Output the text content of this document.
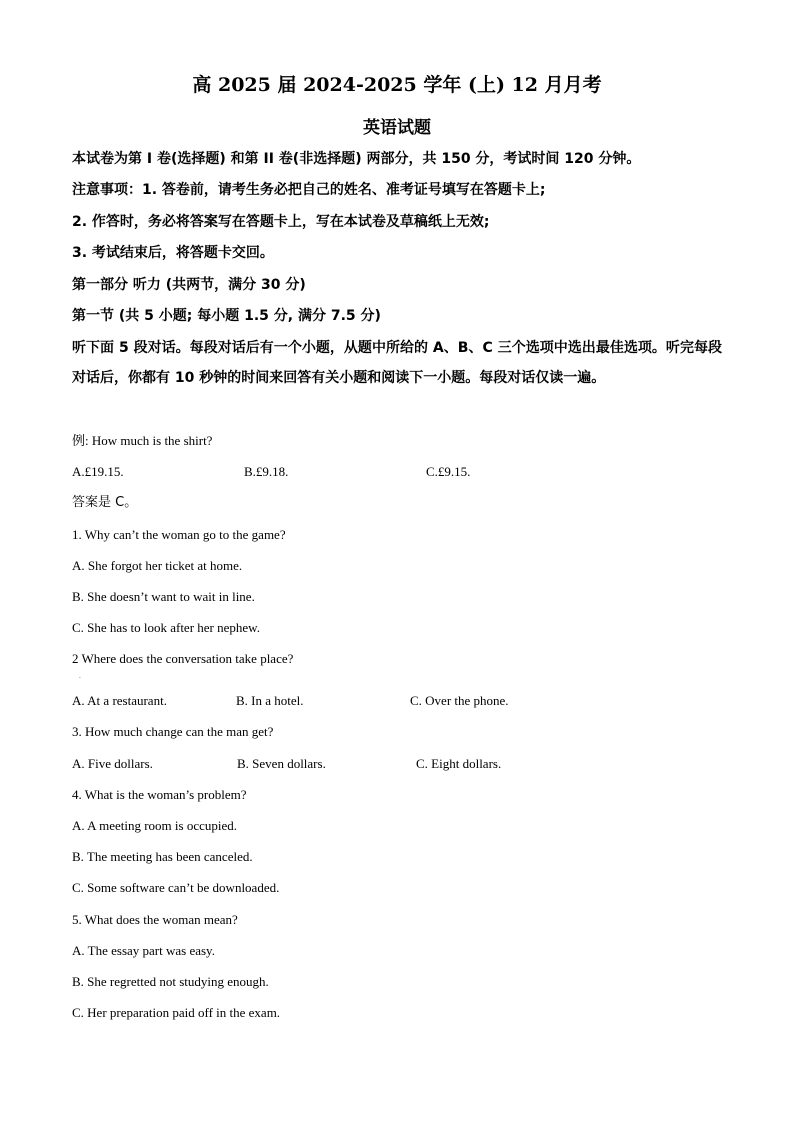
高 2025 届 2024-2025 学年 (上) 12 月月考
英语试题
本试卷为第 I 卷(选择题) 和第 II 卷(非选择题) 两部分，共 150 分，考试时间 120 分钟。
注意事项：1. 答卷前，请考生务必把自己的姓名、准考证号填写在答题卡上;
2. 作答时，务必将答案写在答题卡上，写在本试卷及草稿纸上无效;
3. 考试结束后，将答题卡交回。
第一部分 听力 (共两节，满分 30 分)
第一节 (共 5 小题; 每小题 1.5 分, 满分 7.5 分)
听下面 5 段对话。每段对话后有一个小题，从题中所给的 A、B、C 三个选项中选出最佳选项。听完每段对话后，你都有 10 秒钟的时间来回答有关小题和阅读下一小题。每段对话仅读一遍。
例: How much is the shirt?
A.£19.15.	B.£9.18.	C.£9.15.
答案是 C。
1. Why can’t the woman go to the game?
A. She forgot her ticket at home.
B. She doesn’t want to wait in line.
C. She has to look after her nephew.
2 Where does the conversation take place?
．
A. At a restaurant.	B. In a hotel.	C. Over the phone.
3. How much change can the man get?
A. Five dollars.	B. Seven dollars.	C. Eight dollars.
4. What is the woman’s problem?
A. A meeting room is occupied.
B. The meeting has been canceled.
C. Some software can’t be downloaded.
5. What does the woman mean?
A. The essay part was easy.
B. She regretted not studying enough.
C. Her preparation paid off in the exam.
